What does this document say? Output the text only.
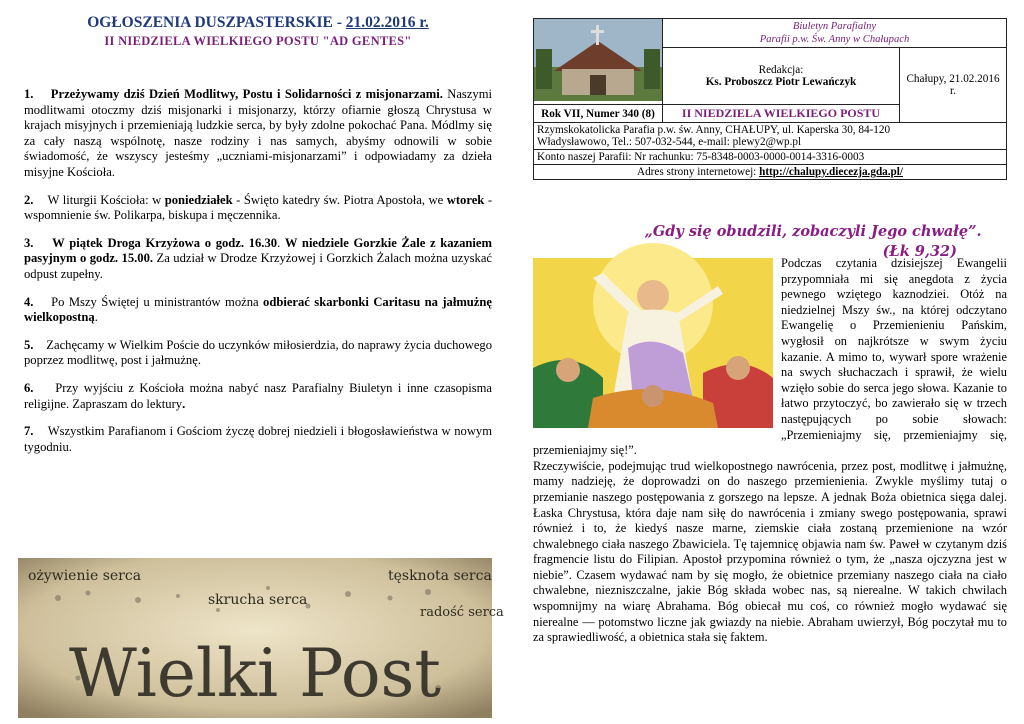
OGŁOSZENIA DUSZPASTERSKIE - 21.02.2016 r.
II NIEDZIELA WIELKIEGO POSTU "AD GENTES"

1. Przeżywamy dziś Dzień Modlitwy, Postu i Solidarności z misjonarzami. Naszymi modlitwami otoczmy dziś misjonarki i misjonarzy, którzy ofiarnie głoszą Chrystusa w krajach misyjnych i przemieniają ludzkie serca, by były zdolne pokochać Pana. Módlmy się za cały naszą wspólnotę, nasze rodziny i nas samych, abyśmy odnowili w sobie świadomość, że wszyscy jesteśmy „uczniami-misjonarzami” i odpowiadamy za dzieła misyjne Kościoła.

2. W liturgii Kościoła: w poniedziałek - Święto katedry św. Piotra Apostoła, we wtorek - wspomnienie św. Polikarpa, biskupa i męczennika.

3. W piątek Droga Krzyżowa o godz. 16.30. W niedziele Gorzkie Żale z kazaniem pasyjnym o godz. 15.00. Za udział w Drodze Krzyżowej i Gorzkich Żalach można uzyskać odpust zupełny.

4. Po Mszy Świętej u ministrantów można odbierać skarbonki Caritasu na jałmużnę wielkopostną.

5. Zachęcamy w Wielkim Poście do uczynków miłosierdzia, do naprawy życia duchowego poprzez modlitwę, post i jałmużnę.

6. Przy wyjściu z Kościoła można nabyć nasz Parafialny Biuletyn i inne czasopisma religijne. Zapraszam do lektury.

7. Wszystkim Parafianom i Gościom życzę dobrej niedzieli i błogosławieństwa w nowym tygodniu.

ożywienie serca	tęsknota serca
skrucha serca
radość serca
Wielki Post

Biuletyn Parafialny
Parafii p.w. Św. Anny w Chałupach	

	Redakcja:
Ks. Proboszcz Piotr Lewańczyk	Chałupy, 21.02.2016 r.
Rok VII, Numer 340 (8)	II NIEDZIELA WIELKIEGO POSTU	

Rzymskokatolicka Parafia p.w. św. Anny, CHAŁUPY, ul. Kaperska 30, 84-120
Władysławowo, Tel.: 507-032-544, e-mail: plewy2@wp.pl		

Konto naszej Parafii: Nr rachunku: 75-8348-0003-0000-0014-3316-0003		
Adres strony internetowej: http://chalupy.diecezja.gda.pl/		
„Gdy się obudzili, zobaczyli Jego chwałę”.
(Łk 9,32)
Podczas czytania dzisiejszej Ewangelii przypomniała mi się anegdota z życia pewnego wziętego kaznodziei. Otóż na niedzielnej Mszy św., na której odczytano Ewangelię o Przemienieniu Pańskim, wygłosił on najkrótsze w swym życiu kazanie. A mimo to, wywarł spore wrażenie na swych słuchaczach i sprawił, że wielu wzięło sobie do serca jego słowa. Kazanie to łatwo przytoczyć, bo zawierało się w trzech następujących po sobie słowach: „Przemieniajmy się, przemieniajmy się, przemieniajmy się!”.
Rzeczywiście, podejmując trud wielkopostnego nawrócenia, przez post, modlitwę i jałmużnę, mamy nadzieję, że doprowadzi on do naszego przemienienia. Zwykle myślimy tutaj o przemianie naszego postępowania z gorszego na lepsze. A jednak Boża obietnica sięga dalej. Łaska Chrystusa, która daje nam siłę do nawrócenia i zmiany swego postępowania, sprawi również i to, że kiedyś nasze marne, ziemskie ciała zostaną przemienione na wzór chwalebnego ciała naszego Zbawiciela. Tę tajemnicę objawia nam św. Paweł w czytanym dziś fragmencie listu do Filipian. Apostoł przypomina również o tym, że „nasza ojczyzna jest w niebie”. Czasem wydawać nam by się mogło, że obietnice przemiany naszego ciała na ciało chwalebne, niezniszczalne, jakie Bóg składa wobec nas, są nierealne. W takich chwilach wspomnijmy na wiarę Abrahama. Bóg obiecał mu coś, co również mogło wydawać się nierealne — potomstwo liczne jak gwiazdy na niebie. Abraham uwierzył, Bóg poczytał mu to za sprawiedliwość, a obietnica stała się faktem.
